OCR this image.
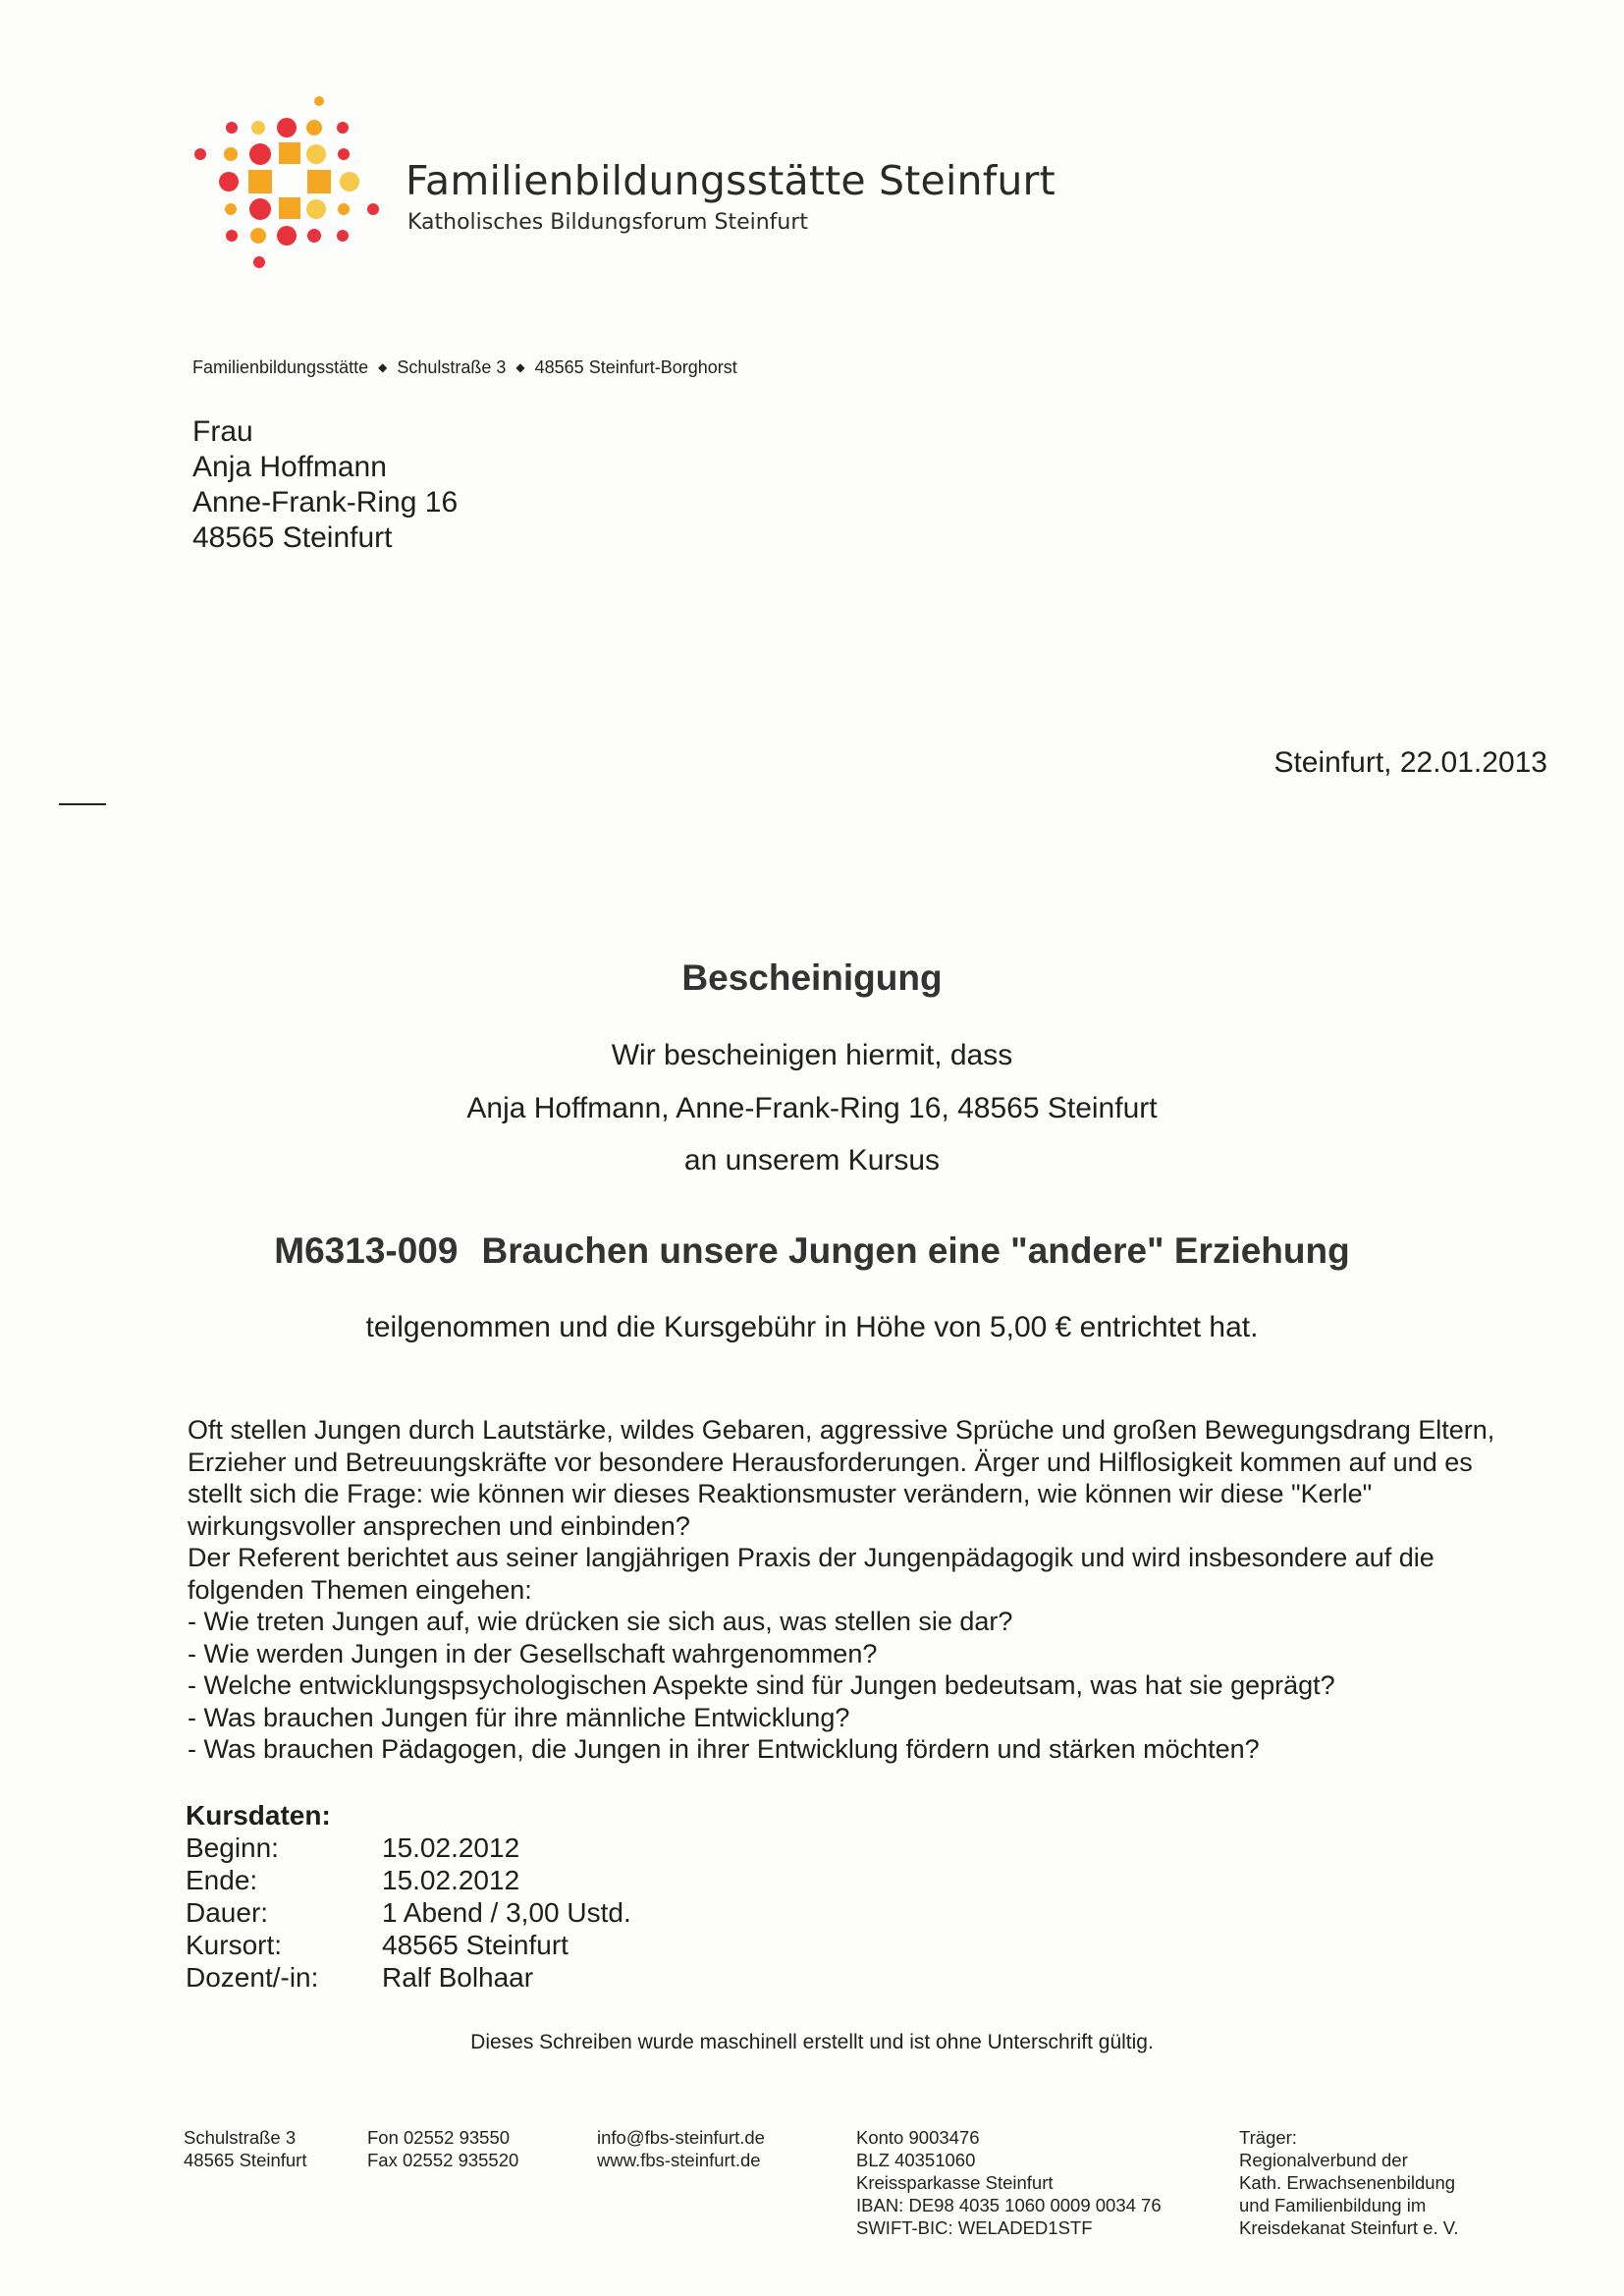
Familienbildungsstätte Steinfurt
Katholisches Bildungsforum Steinfurt
Familienbildungsstätte ◆ Schulstraße 3 ◆ 48565 Steinfurt-Borghorst
Frau
Anja Hoffmann
Anne-Frank-Ring 16
48565 Steinfurt
Steinfurt, 22.01.2013
Bescheinigung
Wir bescheinigen hiermit, dass
Anja Hoffmann, Anne-Frank-Ring 16, 48565 Steinfurt
an unserem Kursus
M6313-009 Brauchen unsere Jungen eine "andere" Erziehung
teilgenommen und die Kursgebühr in Höhe von 5,00 € entrichtet hat.

Oft stellen Jungen durch Lautstärke, wildes Gebaren, aggressive Sprüche und großen Bewegungsdrang Eltern, Erzieher und Betreuungskräfte vor besondere Herausforderungen. Ärger und Hilflosigkeit kommen auf und es stellt sich die Frage: wie können wir dieses Reaktionsmuster verändern, wie können wir diese "Kerle" wirkungsvoller ansprechen und einbinden?

Der Referent berichtet aus seiner langjährigen Praxis der Jungenpädagogik und wird insbesondere auf die folgenden Themen eingehen:

- Wie treten Jungen auf, wie drücken sie sich aus, was stellen sie dar?
- Wie werden Jungen in der Gesellschaft wahrgenommen?
- Welche entwicklungspsychologischen Aspekte sind für Jungen bedeutsam, was hat sie geprägt?
- Was brauchen Jungen für ihre männliche Entwicklung?
- Was brauchen Pädagogen, die Jungen in ihrer Entwicklung fördern und stärken möchten?
Kursdaten:
Beginn:	15.02.2012
Ende:	15.02.2012
Dauer:	1 Abend / 3,00 Ustd.
Kursort:	48565 Steinfurt
Dozent/-in:	Ralf Bolhaar
Dieses Schreiben wurde maschinell erstellt und ist ohne Unterschrift gültig.
Schulstraße 3
48565 Steinfurt
Fon 02552 93550
Fax 02552 935520
info@fbs-steinfurt.de
www.fbs-steinfurt.de
Konto 9003476
BLZ 40351060
Kreissparkasse Steinfurt
IBAN: DE98 4035 1060 0009 0034 76
SWIFT-BIC: WELADED1STF
Träger:
Regionalverbund der
Kath. Erwachsenenbildung
und Familienbildung im
Kreisdekanat Steinfurt e. V.
